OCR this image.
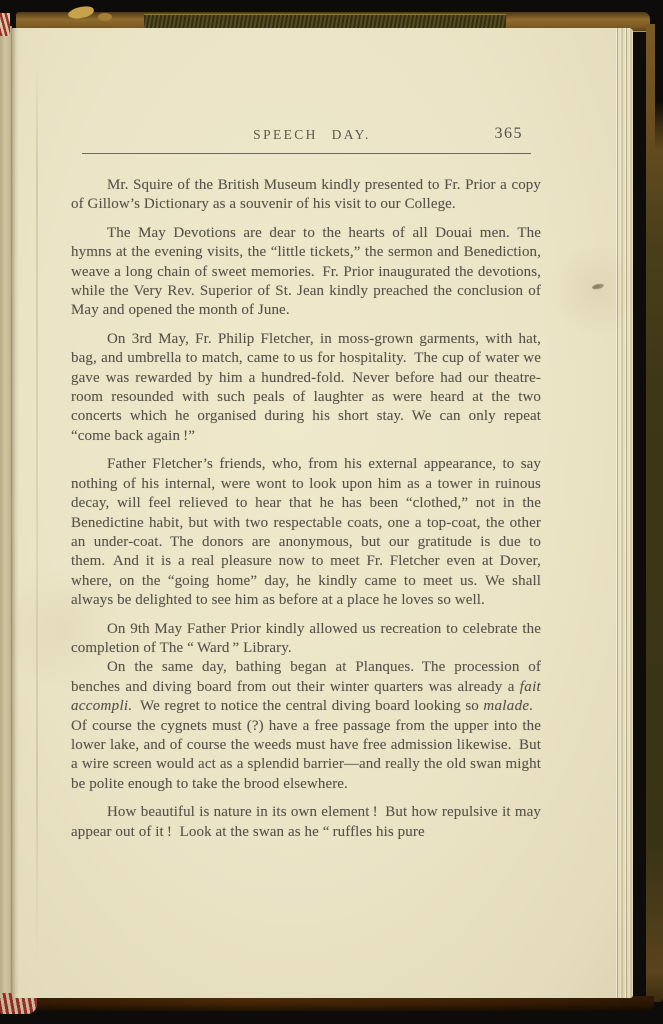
SPEECH DAY.	365

Mr. Squire of the British Museum kindly presented to Fr. Prior a copy of Gillow’s Dictionary as a souvenir of his visit to our College.

The May Devotions are dear to the hearts of all Douai men. The hymns at the evening visits, the “little tickets,” the sermon and Benediction, weave a long chain of sweet memories. Fr. Prior inaugurated the devotions, while the Very Rev. Superior of St. Jean kindly preached the conclusion of May and opened the month of June.

On 3rd May, Fr. Philip Fletcher, in moss-grown garments, with hat, bag, and umbrella to match, came to us for hospitality. The cup of water we gave was rewarded by him a hundred-fold. Never before had our theatre-room resounded with such peals of laughter as were heard at the two concerts which he organised during his short stay. We can only repeat “come back again !”

Father Fletcher’s friends, who, from his external appearance, to say nothing of his internal, were wont to look upon him as a tower in ruinous decay, will feel relieved to hear that he has been “clothed,” not in the Benedictine habit, but with two respectable coats, one a top-coat, the other an under-coat. The donors are anonymous, but our gratitude is due to them. And it is a real pleasure now to meet Fr. Fletcher even at Dover, where, on the “going home” day, he kindly came to meet us. We shall always be delighted to see him as before at a place he loves so well.

On 9th May Father Prior kindly allowed us recreation to celebrate the completion of The “ Ward ” Library.

On the same day, bathing began at Planques. The procession of benches and diving board from out their winter quarters was already a fait accompli. We regret to notice the central diving board looking so malade. Of course the cygnets must (?) have a free passage from the upper into the lower lake, and of course the weeds must have free admission likewise. But a wire screen would act as a splendid barrier—and really the old swan might be polite enough to take the brood elsewhere.

How beautiful is nature in its own element ! But how repulsive it may appear out of it ! Look at the swan as he “ ruffles his pure
